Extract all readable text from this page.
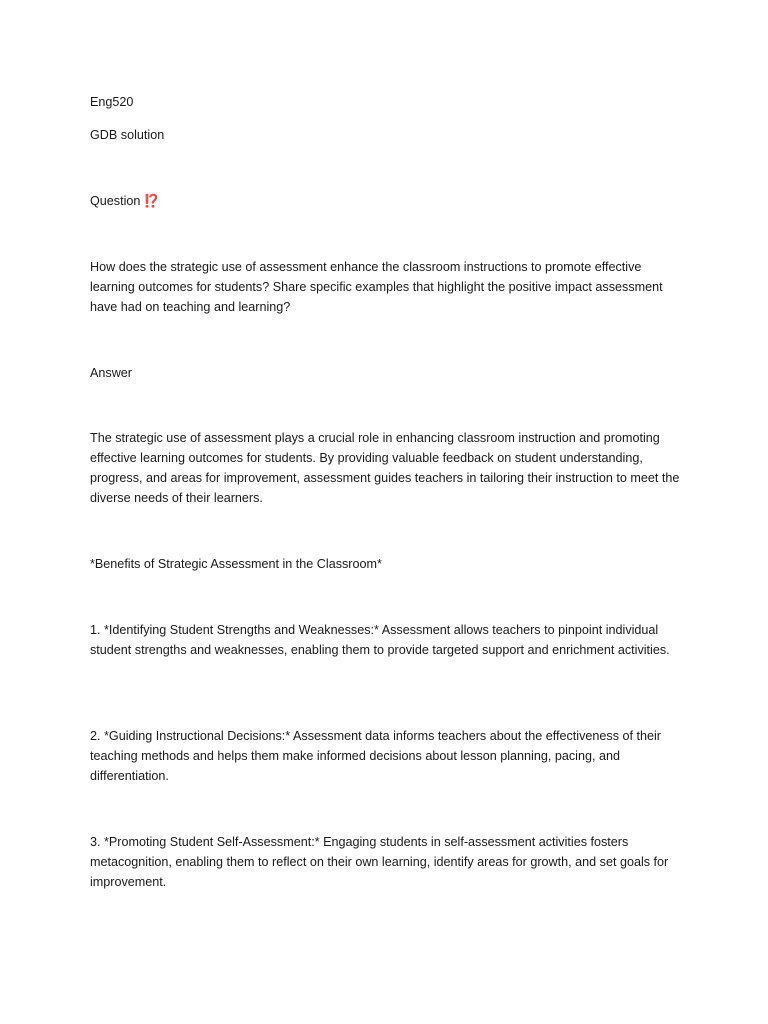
Eng520

GDB solution

Question ⁉️

How does the strategic use of assessment enhance the classroom instructions to promote effective learning outcomes for students? Share specific examples that highlight the positive impact assessment have had on teaching and learning?

Answer

The strategic use of assessment plays a crucial role in enhancing classroom instruction and promoting effective learning outcomes for students. By providing valuable feedback on student understanding, progress, and areas for improvement, assessment guides teachers in tailoring their instruction to meet the diverse needs of their learners.

*Benefits of Strategic Assessment in the Classroom*

1. *Identifying Student Strengths and Weaknesses:* Assessment allows teachers to pinpoint individual student strengths and weaknesses, enabling them to provide targeted support and enrichment activities.

2. *Guiding Instructional Decisions:* Assessment data informs teachers about the effectiveness of their teaching methods and helps them make informed decisions about lesson planning, pacing, and differentiation.

3. *Promoting Student Self-Assessment:* Engaging students in self-assessment activities fosters metacognition, enabling them to reflect on their own learning, identify areas for growth, and set goals for improvement.
